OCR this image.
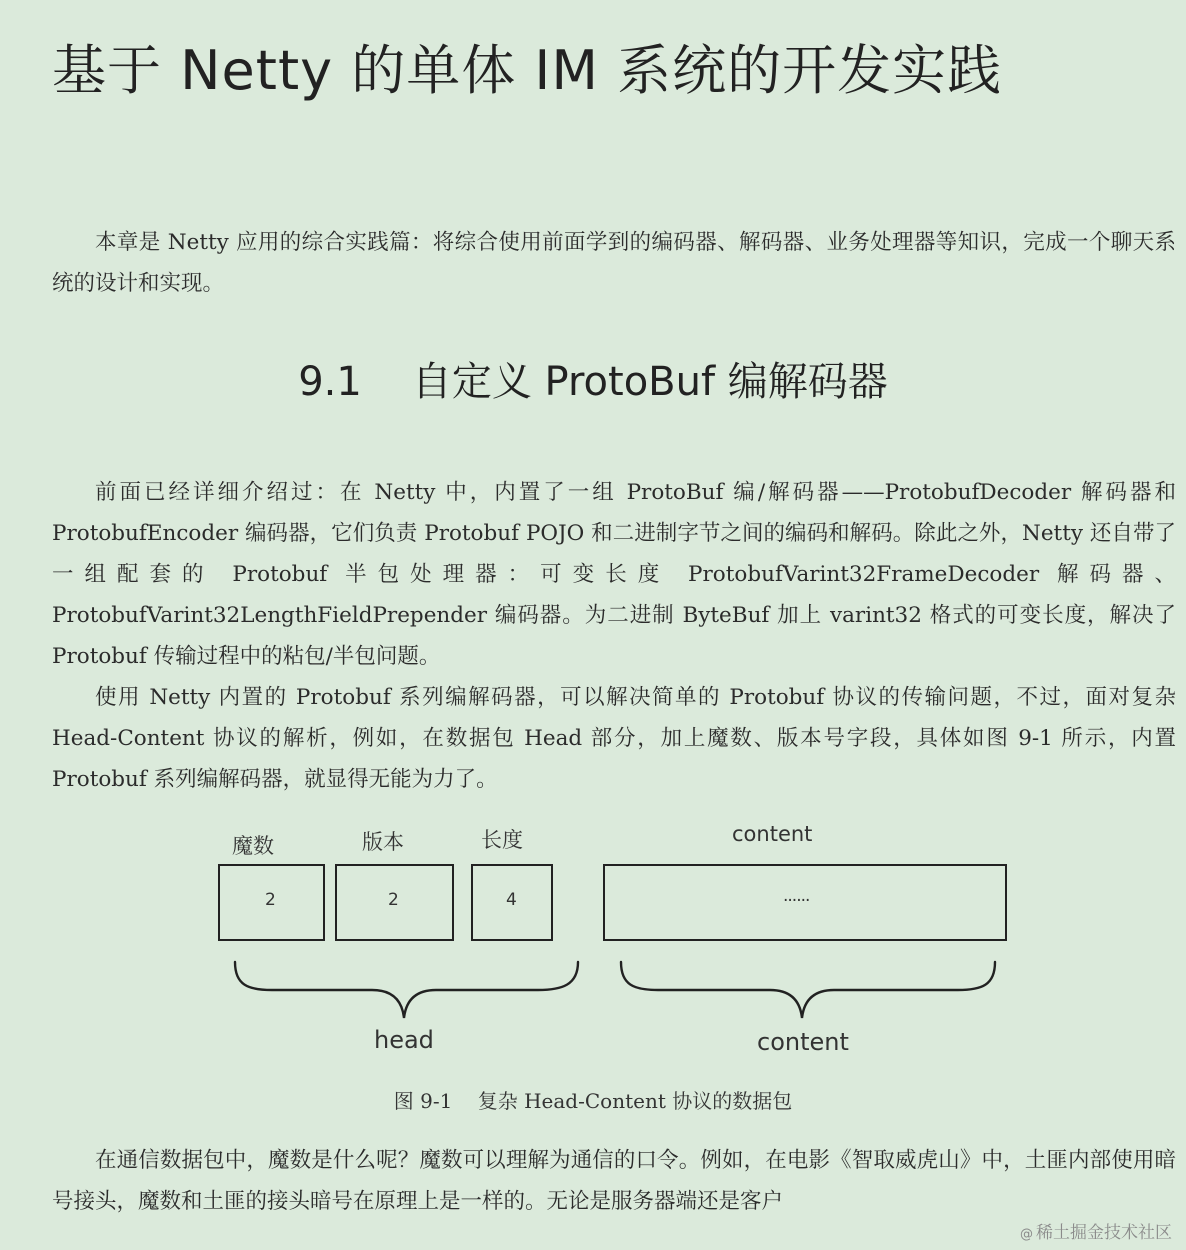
基于 Netty 的单体 IM 系统的开发实践

本章是 Netty 应用的综合实践篇：将综合使用前面学到的编码器、解码器、业务处理器等知识，完成一个聊天系统的设计和实现。

9.1 自定义 ProtoBuf 编解码器

前面已经详细介绍过：在 Netty 中，内置了一组 ProtoBuf 编/解码器——ProtobufDecoder 解码器和 ProtobufEncoder 编码器，它们负责 Protobuf POJO 和二进制字节之间的编码和解码。除此之外，Netty 还自带了一组配套的 Protobuf 半包处理器：可变长度 ProtobufVarint32FrameDecoder 解码器、ProtobufVarint32LengthFieldPrepender 编码器。为二进制 ByteBuf 加上 varint32 格式的可变长度，解决了 Protobuf 传输过程中的粘包/半包问题。

使用 Netty 内置的 Protobuf 系列编解码器，可以解决简单的 Protobuf 协议的传输问题，不过，面对复杂 Head-Content 协议的解析，例如，在数据包 Head 部分，加上魔数、版本号字段，具体如图 9-1 所示，内置 Protobuf 系列编解码器，就显得无能为力了。

魔数	版本	长度	content
2	2	4	......
head	content
图 9-1    复杂 Head-Content 协议的数据包

在通信数据包中，魔数是什么呢？魔数可以理解为通信的口令。例如，在电影《智取威虎山》中，土匪内部使用暗号接头，魔数和土匪的接头暗号在原理上是一样的。无论是服务器端还是客户

@ 稀土掘金技术社区
